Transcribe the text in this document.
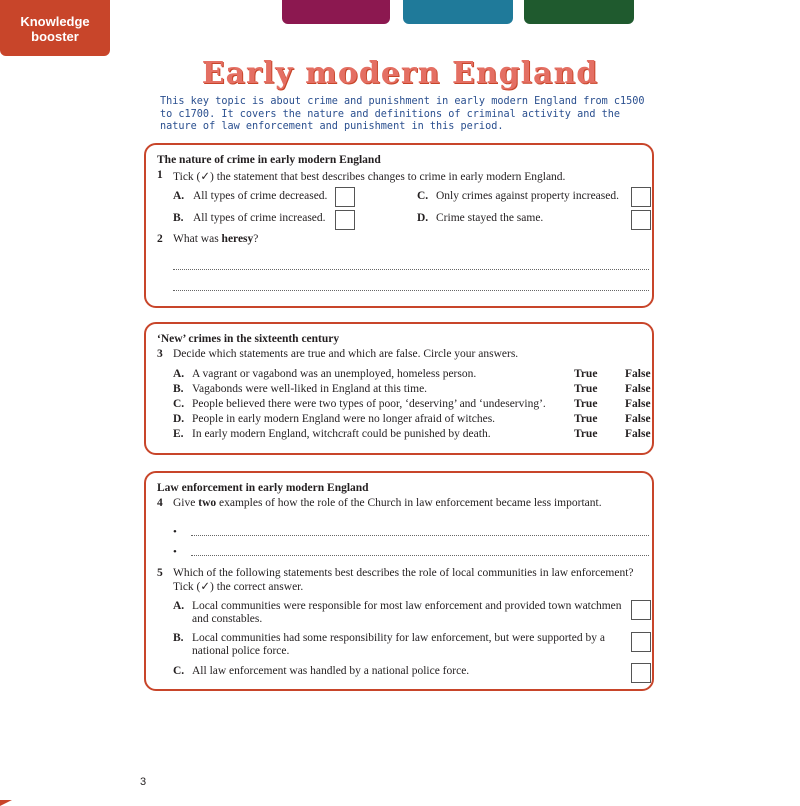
Knowledge
booster
Early modern England

This key topic is about crime and punishment in early modern England from c1500 to c1700. It covers the nature and definitions of criminal activity and the nature of law enforcement and punishment in this period.

The nature of crime in early modern England
1 Tick (✓) the statement that best describes changes to crime in early modern England.
A. All types of crime decreased.	C. Only crimes against property increased.
B. All types of crime increased.	D. Crime stayed the same.
2 What was heresy?
‘New’ crimes in the sixteenth century
3 Decide which statements are true and which are false. Circle your answers.
A. A vagrant or vagabond was an unemployed, homeless person.	True False
B. Vagabonds were well-liked in England at this time.	True False
C. People believed there were two types of poor, ‘deserving’ and ‘undeserving’. True False
D. People in early modern England were no longer afraid of witches.	True False
E. In early modern England, witchcraft could be punished by death.	True False
Law enforcement in early modern England
4 Give two examples of how the role of the Church in law enforcement became less important.
•
•
5 Which of the following statements best describes the role of local communities in law enforcement?
Tick (✓) the correct answer.
A. Local communities were responsible for most law enforcement and provided town watchmen
and constables.
B. Local communities had some responsibility for law enforcement, but were supported by a
national police force.
C. All law enforcement was handled by a national police force.
3
